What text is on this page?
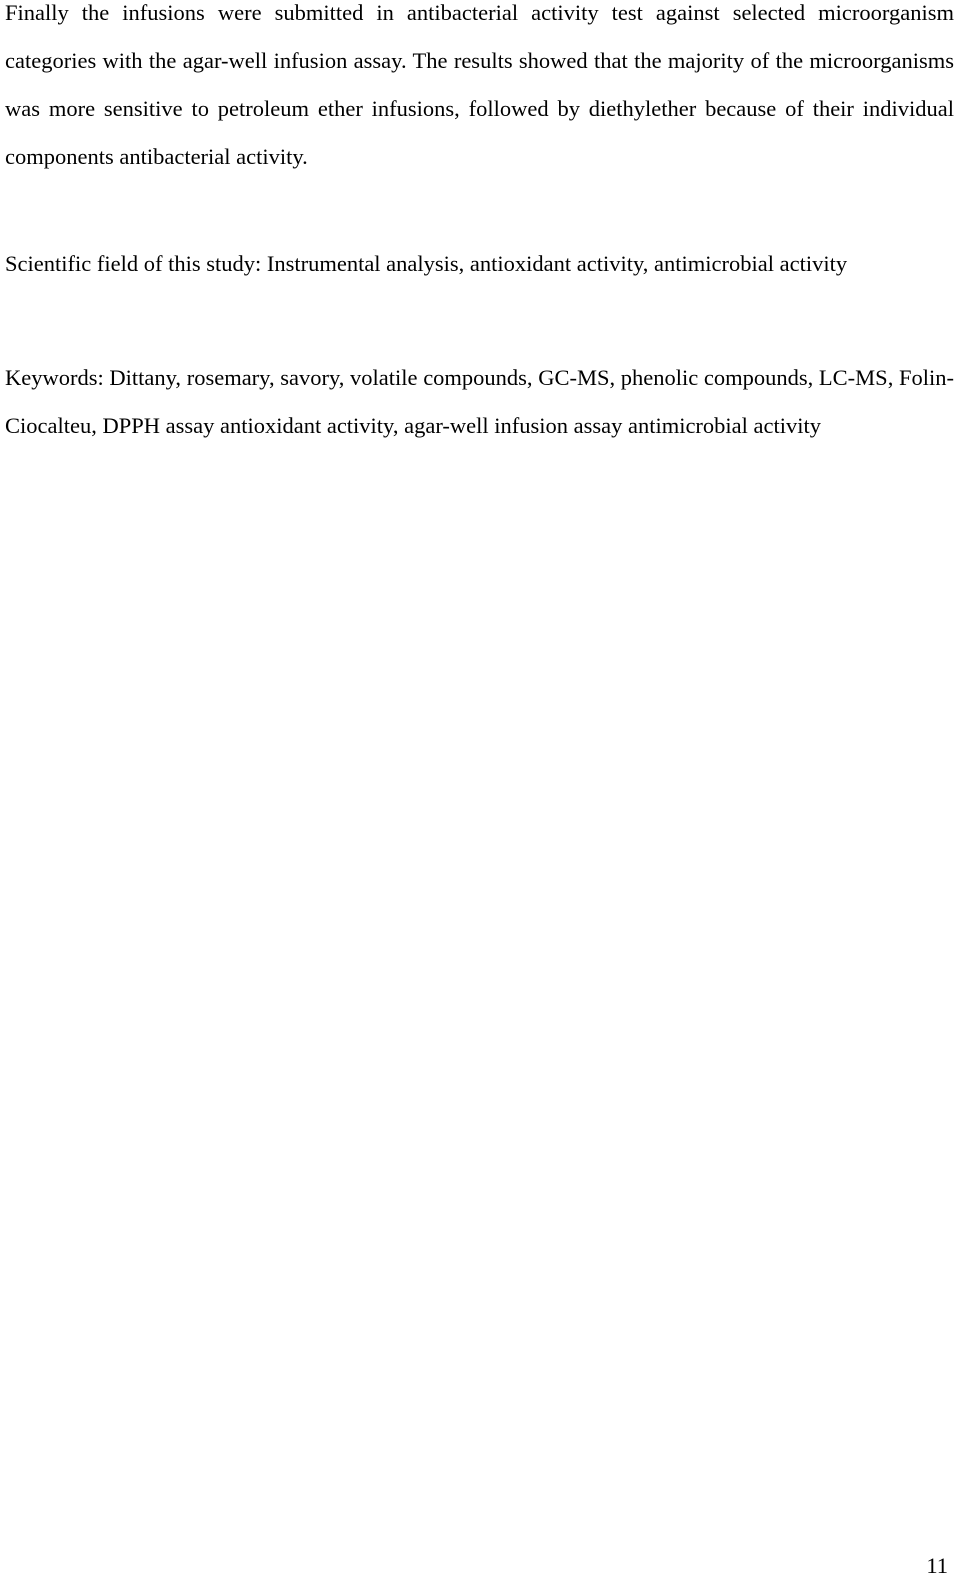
Finally the infusions were submitted in antibacterial activity test against selected microorganism categories with the agar-well infusion assay. The results showed that the majority of the microorganisms was more sensitive to petroleum ether infusions, followed by diethylether because of their individual components antibacterial activity.

Scientific field of this study: Instrumental analysis, antioxidant activity, antimicrobial activity

Keywords: Dittany, rosemary, savory, volatile compounds, GC-MS, phenolic compounds, LC-MS, Folin-Ciocalteu, DPPH assay antioxidant activity, agar-well infusion assay antimicrobial activity

11
